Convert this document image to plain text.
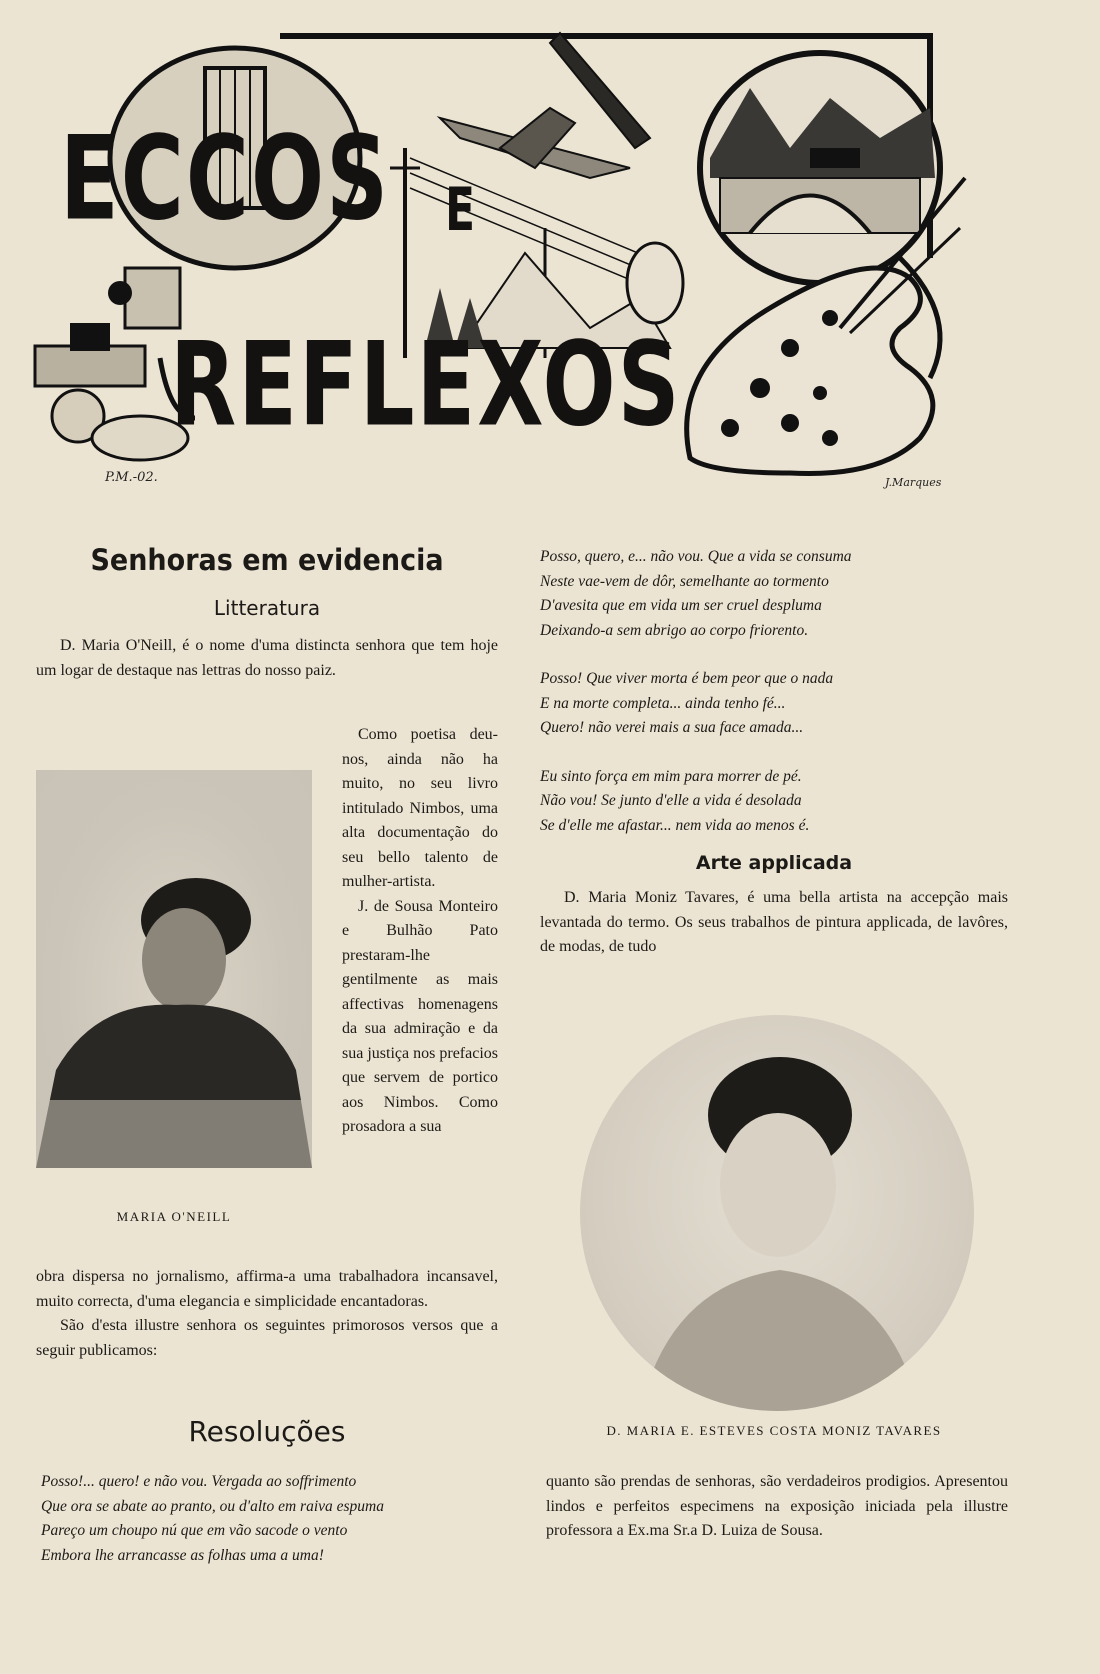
ECCOS E
REFLEXOS
P.M.-02.	J.Marques
Senhoras em evidencia
Litteratura

D. Maria O'Neill, é o nome d'uma distincta senhora que tem hoje um logar de destaque nas lettras do nosso paiz.

MARIA O'NEILL

Como poetisa deu-nos, ainda não ha muito, no seu livro intitulado Nimbos, uma alta documentação do seu bello talento de mulher-artista.

J. de Sousa Monteiro e Bulhão Pato prestaram-lhe gentilmente as mais affectivas homenagens da sua admiração e da sua justiça nos prefacios que servem de portico aos Nimbos. Como prosadora a sua

obra dispersa no jornalismo, affirma-a uma trabalhadora incansavel, muito correcta, d'uma elegancia e simplicidade encantadoras.

São d'esta illustre senhora os seguintes primorosos versos que a seguir publicamos:

Resoluções

Posso!... quero! e não vou. Vergada ao soffrimento

Que ora se abate ao pranto, ou d'alto em raiva espuma

Pareço um choupo nú que em vão sacode o vento

Embora lhe arrancasse as folhas uma a uma!

Posso, quero, e... não vou. Que a vida se consuma

Neste vae-vem de dôr, semelhante ao tormento

D'avesita que em vida um ser cruel desplumа

Deixando-a sem abrigo ao corpo friorento.

Posso! Que viver morta é bem peor que o nada

E na morte completa... ainda tenho fé...

Quero! não verei mais a sua face amada...

Eu sinto força em mim para morrer de pé.

Não vou! Se junto d'elle a vida é desolada

Se d'elle me afastar... nem vida ao menos é.

Arte applicada

D. Maria Moniz Tavares, é uma bella artista na accepção mais levantada do termo. Os seus trabalhos de pintura applicada, de lavôres, de modas, de tudo

D. MARIA E. ESTEVES COSTA MONIZ TAVARES

quanto são prendas de senhoras, são verdadeiros prodigios. Apresentou lindos e perfeitos especimens na exposição iniciada pela illustre professora a Ex.ma Sr.a D. Luiza de Sousa.
